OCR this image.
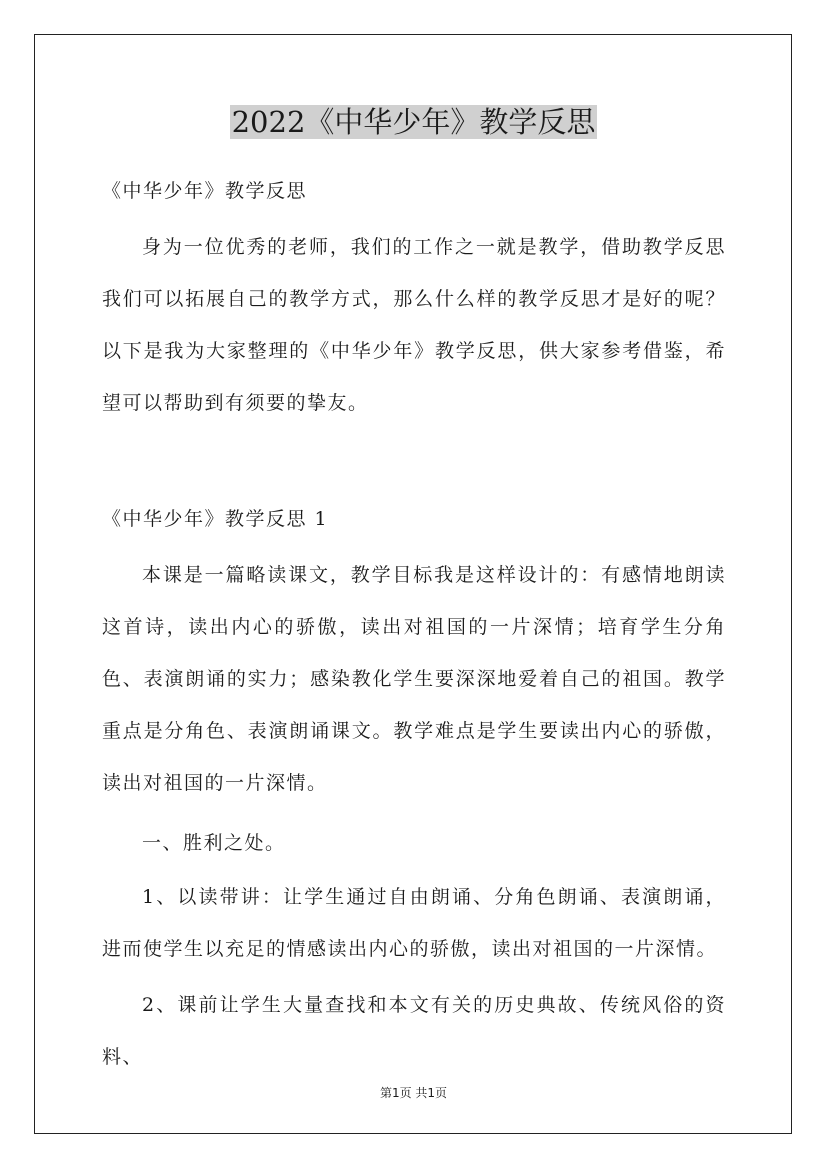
2022《中华少年》教学反思

《中华少年》教学反思

身为一位优秀的老师，我们的工作之一就是教学，借助教学反思我们可以拓展自己的教学方式，那么什么样的教学反思才是好的呢？以下是我为大家整理的《中华少年》教学反思，供大家参考借鉴，希望可以帮助到有须要的挚友。

《中华少年》教学反思 1

本课是一篇略读课文，教学目标我是这样设计的：有感情地朗读这首诗，读出内心的骄傲，读出对祖国的一片深情；培育学生分角色、表演朗诵的实力；感染教化学生要深深地爱着自己的祖国。教学重点是分角色、表演朗诵课文。教学难点是学生要读出内心的骄傲，读出对祖国的一片深情。

一、胜利之处。

1、以读带讲：让学生通过自由朗诵、分角色朗诵、表演朗诵，进而使学生以充足的情感读出内心的骄傲，读出对祖国的一片深情。

2、课前让学生大量查找和本文有关的历史典故、传统风俗的资料、

第1页 共1页
